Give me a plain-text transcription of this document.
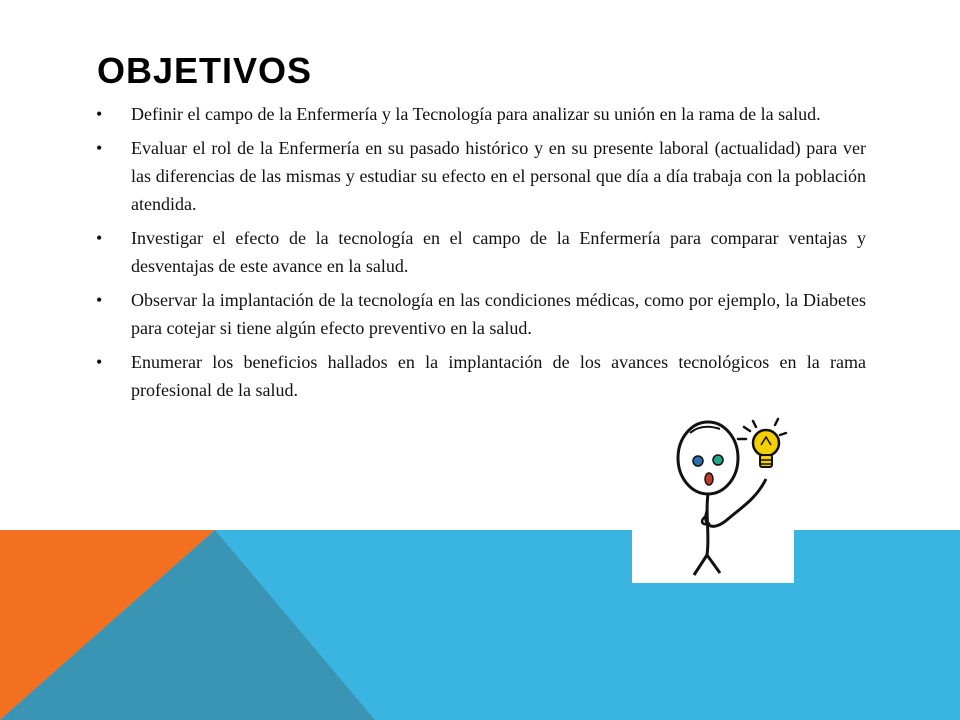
OBJETIVOS
• Definir el campo de la Enfermería y la Tecnología para analizar su unión en la rama de la salud.
• Evaluar el rol de la Enfermería en su pasado histórico y en su presente laboral (actualidad) para ver las diferencias de las mismas y estudiar su efecto en el personal que día a día trabaja con la población atendida.
• Investigar el efecto de la tecnología en el campo de la Enfermería para comparar ventajas y desventajas de este avance en la salud.
• Observar la implantación de la tecnología en las condiciones médicas, como por ejemplo, la Diabetes para cotejar si tiene algún efecto preventivo en la salud.
• Enumerar los beneficios hallados en la implantación de los avances tecnológicos en la rama profesional de la salud.
